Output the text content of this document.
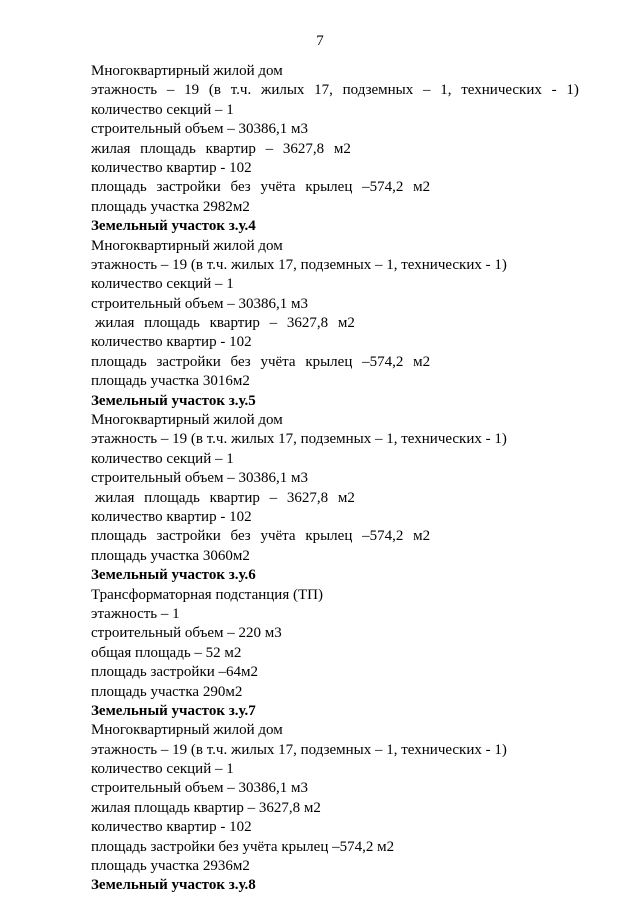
7
Многоквартирный жилой дом
этажность – 19 (в т.ч. жилых 17, подземных – 1, технических - 1)
количество секций – 1
строительный объем – 30386,1 м3
жилая площадь квартир – 3627,8 м2
количество квартир - 102
площадь застройки без учёта крылец –574,2 м2
площадь участка 2982м2
Земельный участок з.у.4
Многоквартирный жилой дом
этажность – 19 (в т.ч. жилых 17, подземных – 1, технических - 1)
количество секций – 1
строительный объем – 30386,1 м3
жилая площадь квартир – 3627,8 м2
количество квартир - 102
площадь застройки без учёта крылец –574,2 м2
площадь участка 3016м2
Земельный участок з.у.5
Многоквартирный жилой дом
этажность – 19 (в т.ч. жилых 17, подземных – 1, технических - 1)
количество секций – 1
строительный объем – 30386,1 м3
жилая площадь квартир – 3627,8 м2
количество квартир - 102
площадь застройки без учёта крылец –574,2 м2
площадь участка 3060м2
Земельный участок з.у.6
Трансформаторная подстанция (ТП)
этажность – 1
строительный объем – 220 м3
общая площадь – 52 м2
площадь застройки –64м2
площадь участка 290м2
Земельный участок з.у.7
Многоквартирный жилой дом
этажность – 19 (в т.ч. жилых 17, подземных – 1, технических - 1)
количество секций – 1
строительный объем – 30386,1 м3
жилая площадь квартир – 3627,8 м2
количество квартир - 102
площадь застройки без учёта крылец –574,2 м2
площадь участка 2936м2
Земельный участок з.у.8
